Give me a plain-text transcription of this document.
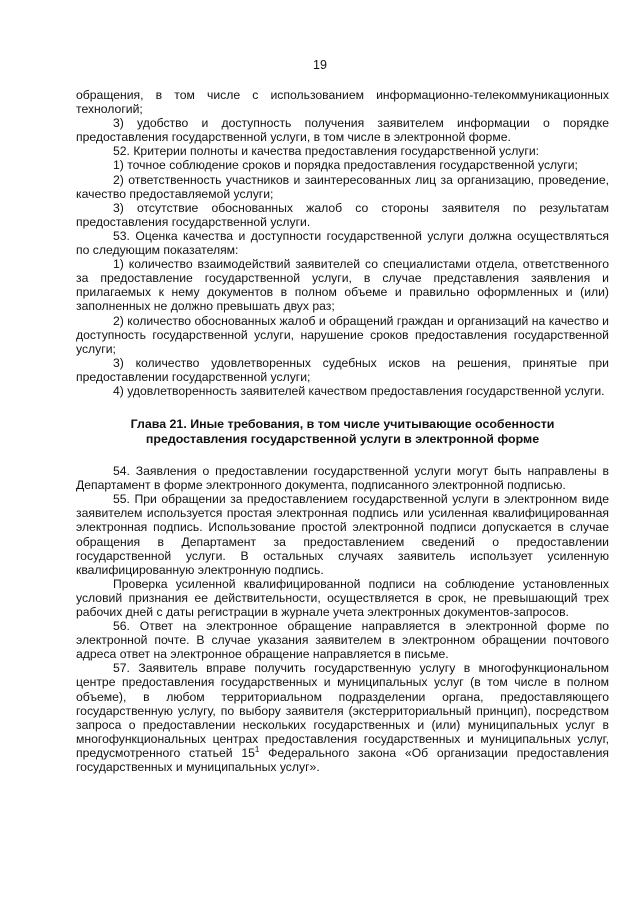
19

обращения, в том числе с использованием информационно-телекоммуникационных технологий;

3) удобство и доступность получения заявителем информации о порядке предоставления государственной услуги, в том числе в электронной форме.

52. Критерии полноты и качества предоставления государственной услуги:

1) точное соблюдение сроков и порядка предоставления государственной услуги;

2) ответственность участников и заинтересованных лиц за организацию, проведение, качество предоставляемой услуги;

3) отсутствие обоснованных жалоб со стороны заявителя по результатам предоставления государственной услуги.

53. Оценка качества и доступности государственной услуги должна осуществляться по следующим показателям:

1) количество взаимодействий заявителей со специалистами отдела, ответственного за предоставление государственной услуги, в случае представления заявления и прилагаемых к нему документов в полном объеме и правильно оформленных и (или) заполненных не должно превышать двух раз;

2) количество обоснованных жалоб и обращений граждан и организаций на качество и доступность государственной услуги, нарушение сроков предоставления государственной услуги;

3) количество удовлетворенных судебных исков на решения, принятые при предоставлении государственной услуги;

4) удовлетворенность заявителей качеством предоставления государственной услуги.

Глава 21. Иные требования, в том числе учитывающие особенности
предоставления государственной услуги в электронной форме

54. Заявления о предоставлении государственной услуги могут быть направлены в Департамент в форме электронного документа, подписанного электронной подписью.

55. При обращении за предоставлением государственной услуги в электронном виде заявителем используется простая электронная подпись или усиленная квалифицированная электронная подпись. Использование простой электронной подписи допускается в случае обращения в Департамент за предоставлением сведений о предоставлении государственной услуги. В остальных случаях заявитель использует усиленную квалифицированную электронную подпись.

Проверка усиленной квалифицированной подписи на соблюдение установленных условий признания ее действительности, осуществляется в срок, не превышающий трех рабочих дней с даты регистрации в журнале учета электронных документов-запросов.

56. Ответ на электронное обращение направляется в электронной форме по электронной почте. В случае указания заявителем в электронном обращении почтового адреса ответ на электронное обращение направляется в письме.

57. Заявитель вправе получить государственную услугу в многофункциональном центре предоставления государственных и муниципальных услуг (в том числе в полном объеме), в любом территориальном подразделении органа, предоставляющего государственную услугу, по выбору заявителя (экстерриториальный принцип), посредством запроса о предоставлении нескольких государственных и (или) муниципальных услуг в многофункциональных центрах предоставления государственных и муниципальных услуг, предусмотренного статьей $15^1$ Федерального закона «Об организации предоставления государственных и муниципальных услуг».
